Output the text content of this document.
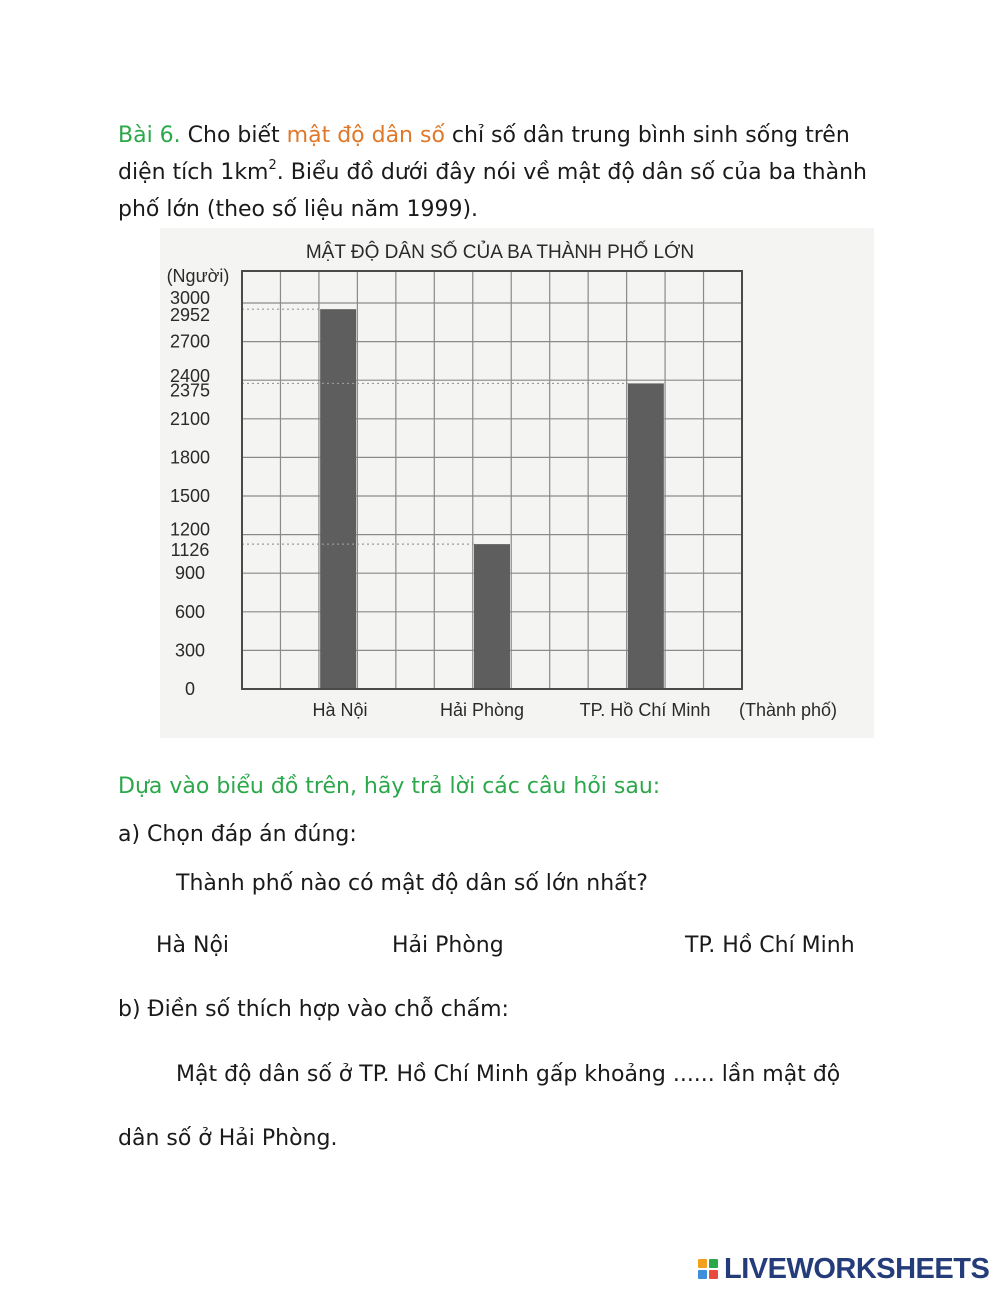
Bài 6. Cho biết mật độ dân số chỉ số dân trung bình sinh sống trên
diện tích $1km^2$. Biểu đồ dưới đây nói về mật độ dân số của ba thành
phố lớn (theo số liệu năm 1999).
MẬT ĐỘ DÂN SỐ CỦA BA THÀNH PHỐ LỚN
(Người)
(Thành phố)
0
300
600
900
1126
1200
1500
1800
2100
2375
2400
2700
2952
3000
Hà Nội	Hải Phòng	TP. Hồ Chí Minh
Dựa vào biểu đồ trên, hãy trả lời các câu hỏi sau:
a) Chọn đáp án đúng:
Thành phố nào có mật độ dân số lớn nhất?
Hà Nội	Hải Phòng	TP. Hồ Chí Minh
b) Điền số thích hợp vào chỗ chấm:
Mật độ dân số ở TP. Hồ Chí Minh gấp khoảng ...... lần mật độ
dân số ở Hải Phòng.
LIVEWORKSHEETS
